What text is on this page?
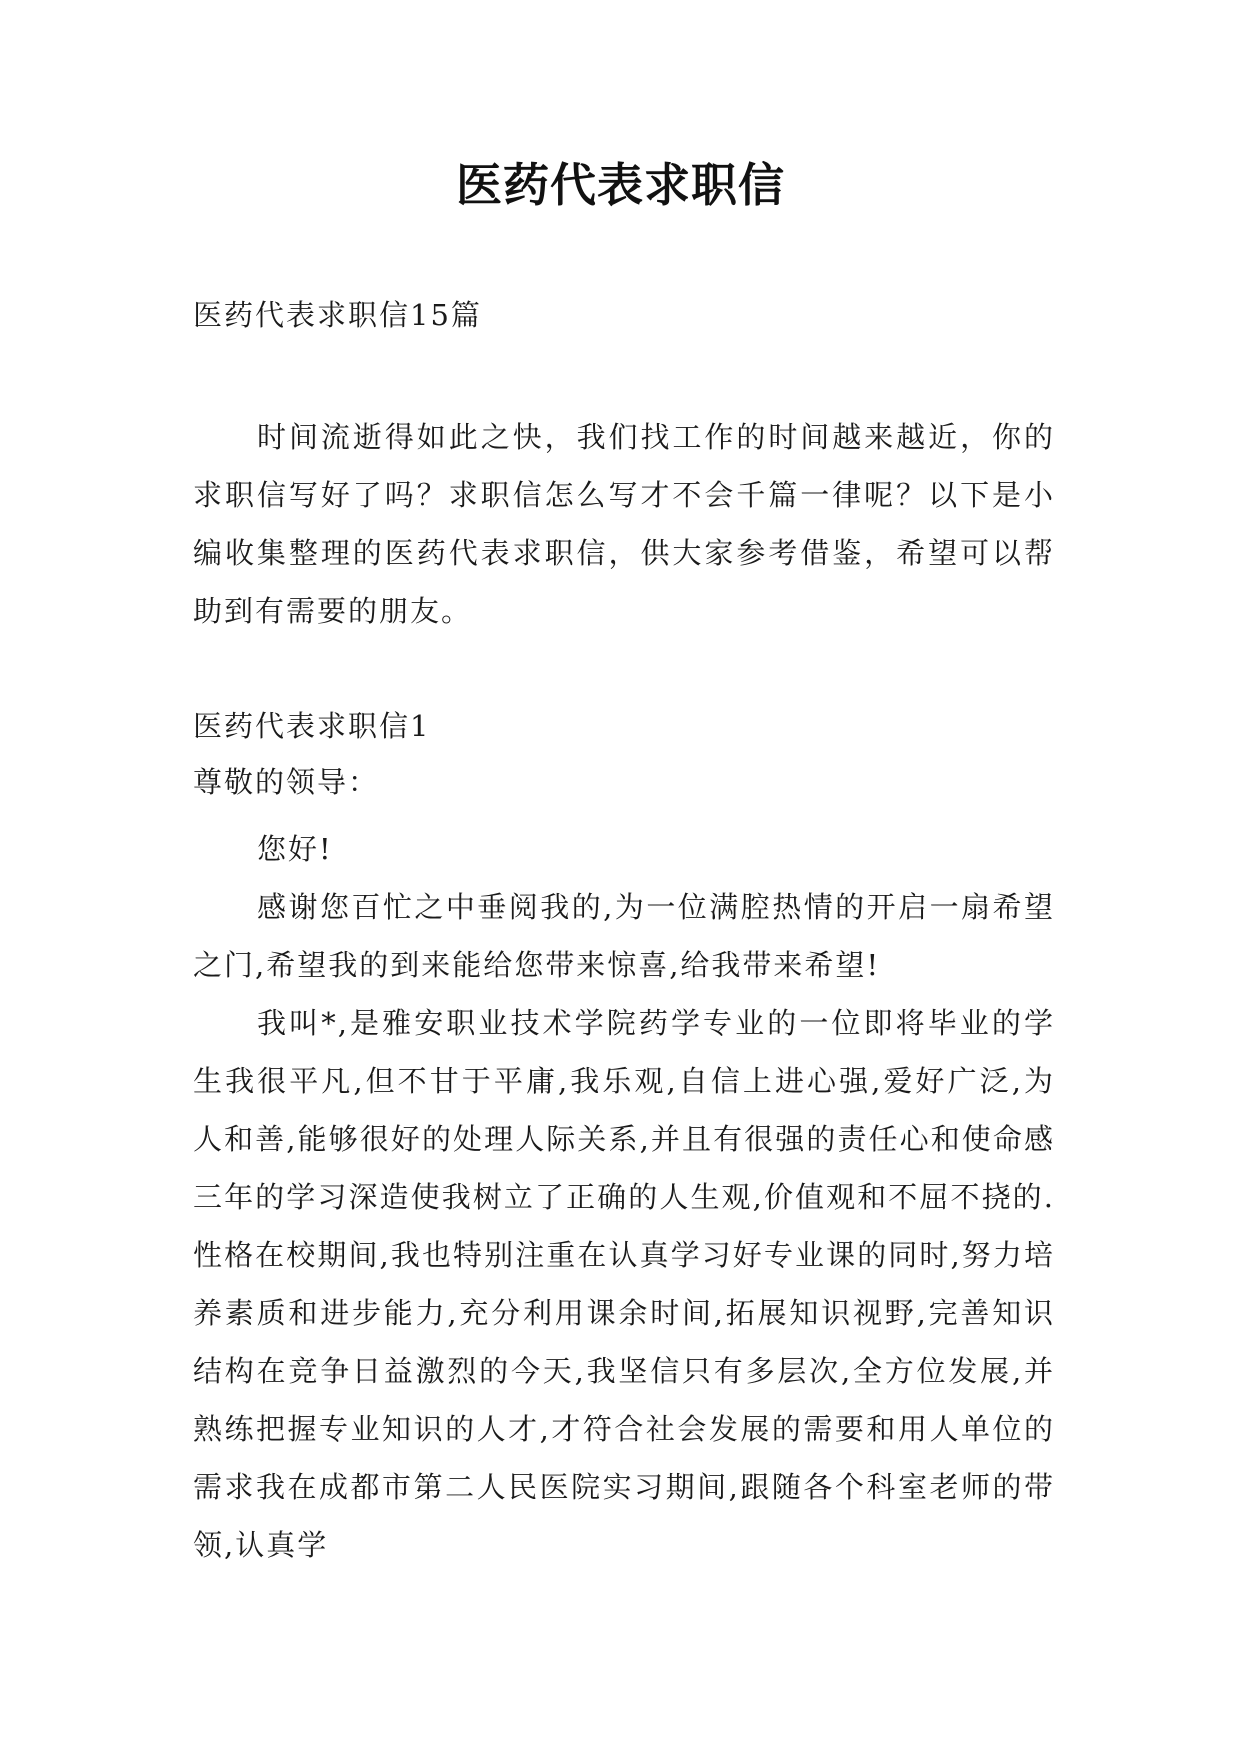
医药代表求职信
医药代表求职信15篇
时间流逝得如此之快，我们找工作的时间越来越近，你的求职信写好了吗？求职信怎么写才不会千篇一律呢？以下是小编收集整理的医药代表求职信，供大家参考借鉴，希望可以帮助到有需要的朋友。
医药代表求职信1
尊敬的领导：

您好!

感谢您百忙之中垂阅我的,为一位满腔热情的开启一扇希望之门,希望我的到来能给您带来惊喜,给我带来希望!

我叫*,是雅安职业技术学院药学专业的一位即将毕业的学生我很平凡,但不甘于平庸,我乐观,自信上进心强,爱好广泛,为人和善,能够很好的处理人际关系,并且有很强的责任心和使命感三年的学习深造使我树立了正确的人生观,价值观和不屈不挠的.性格在校期间,我也特别注重在认真学习好专业课的同时,努力培养素质和进步能力,充分利用课余时间,拓展知识视野,完善知识结构在竞争日益激烈的今天,我坚信只有多层次,全方位发展,并熟练把握专业知识的人才,才符合社会发展的需要和用人单位的需求我在成都市第二人民医院实习期间,跟随各个科室老师的带领,认真学
